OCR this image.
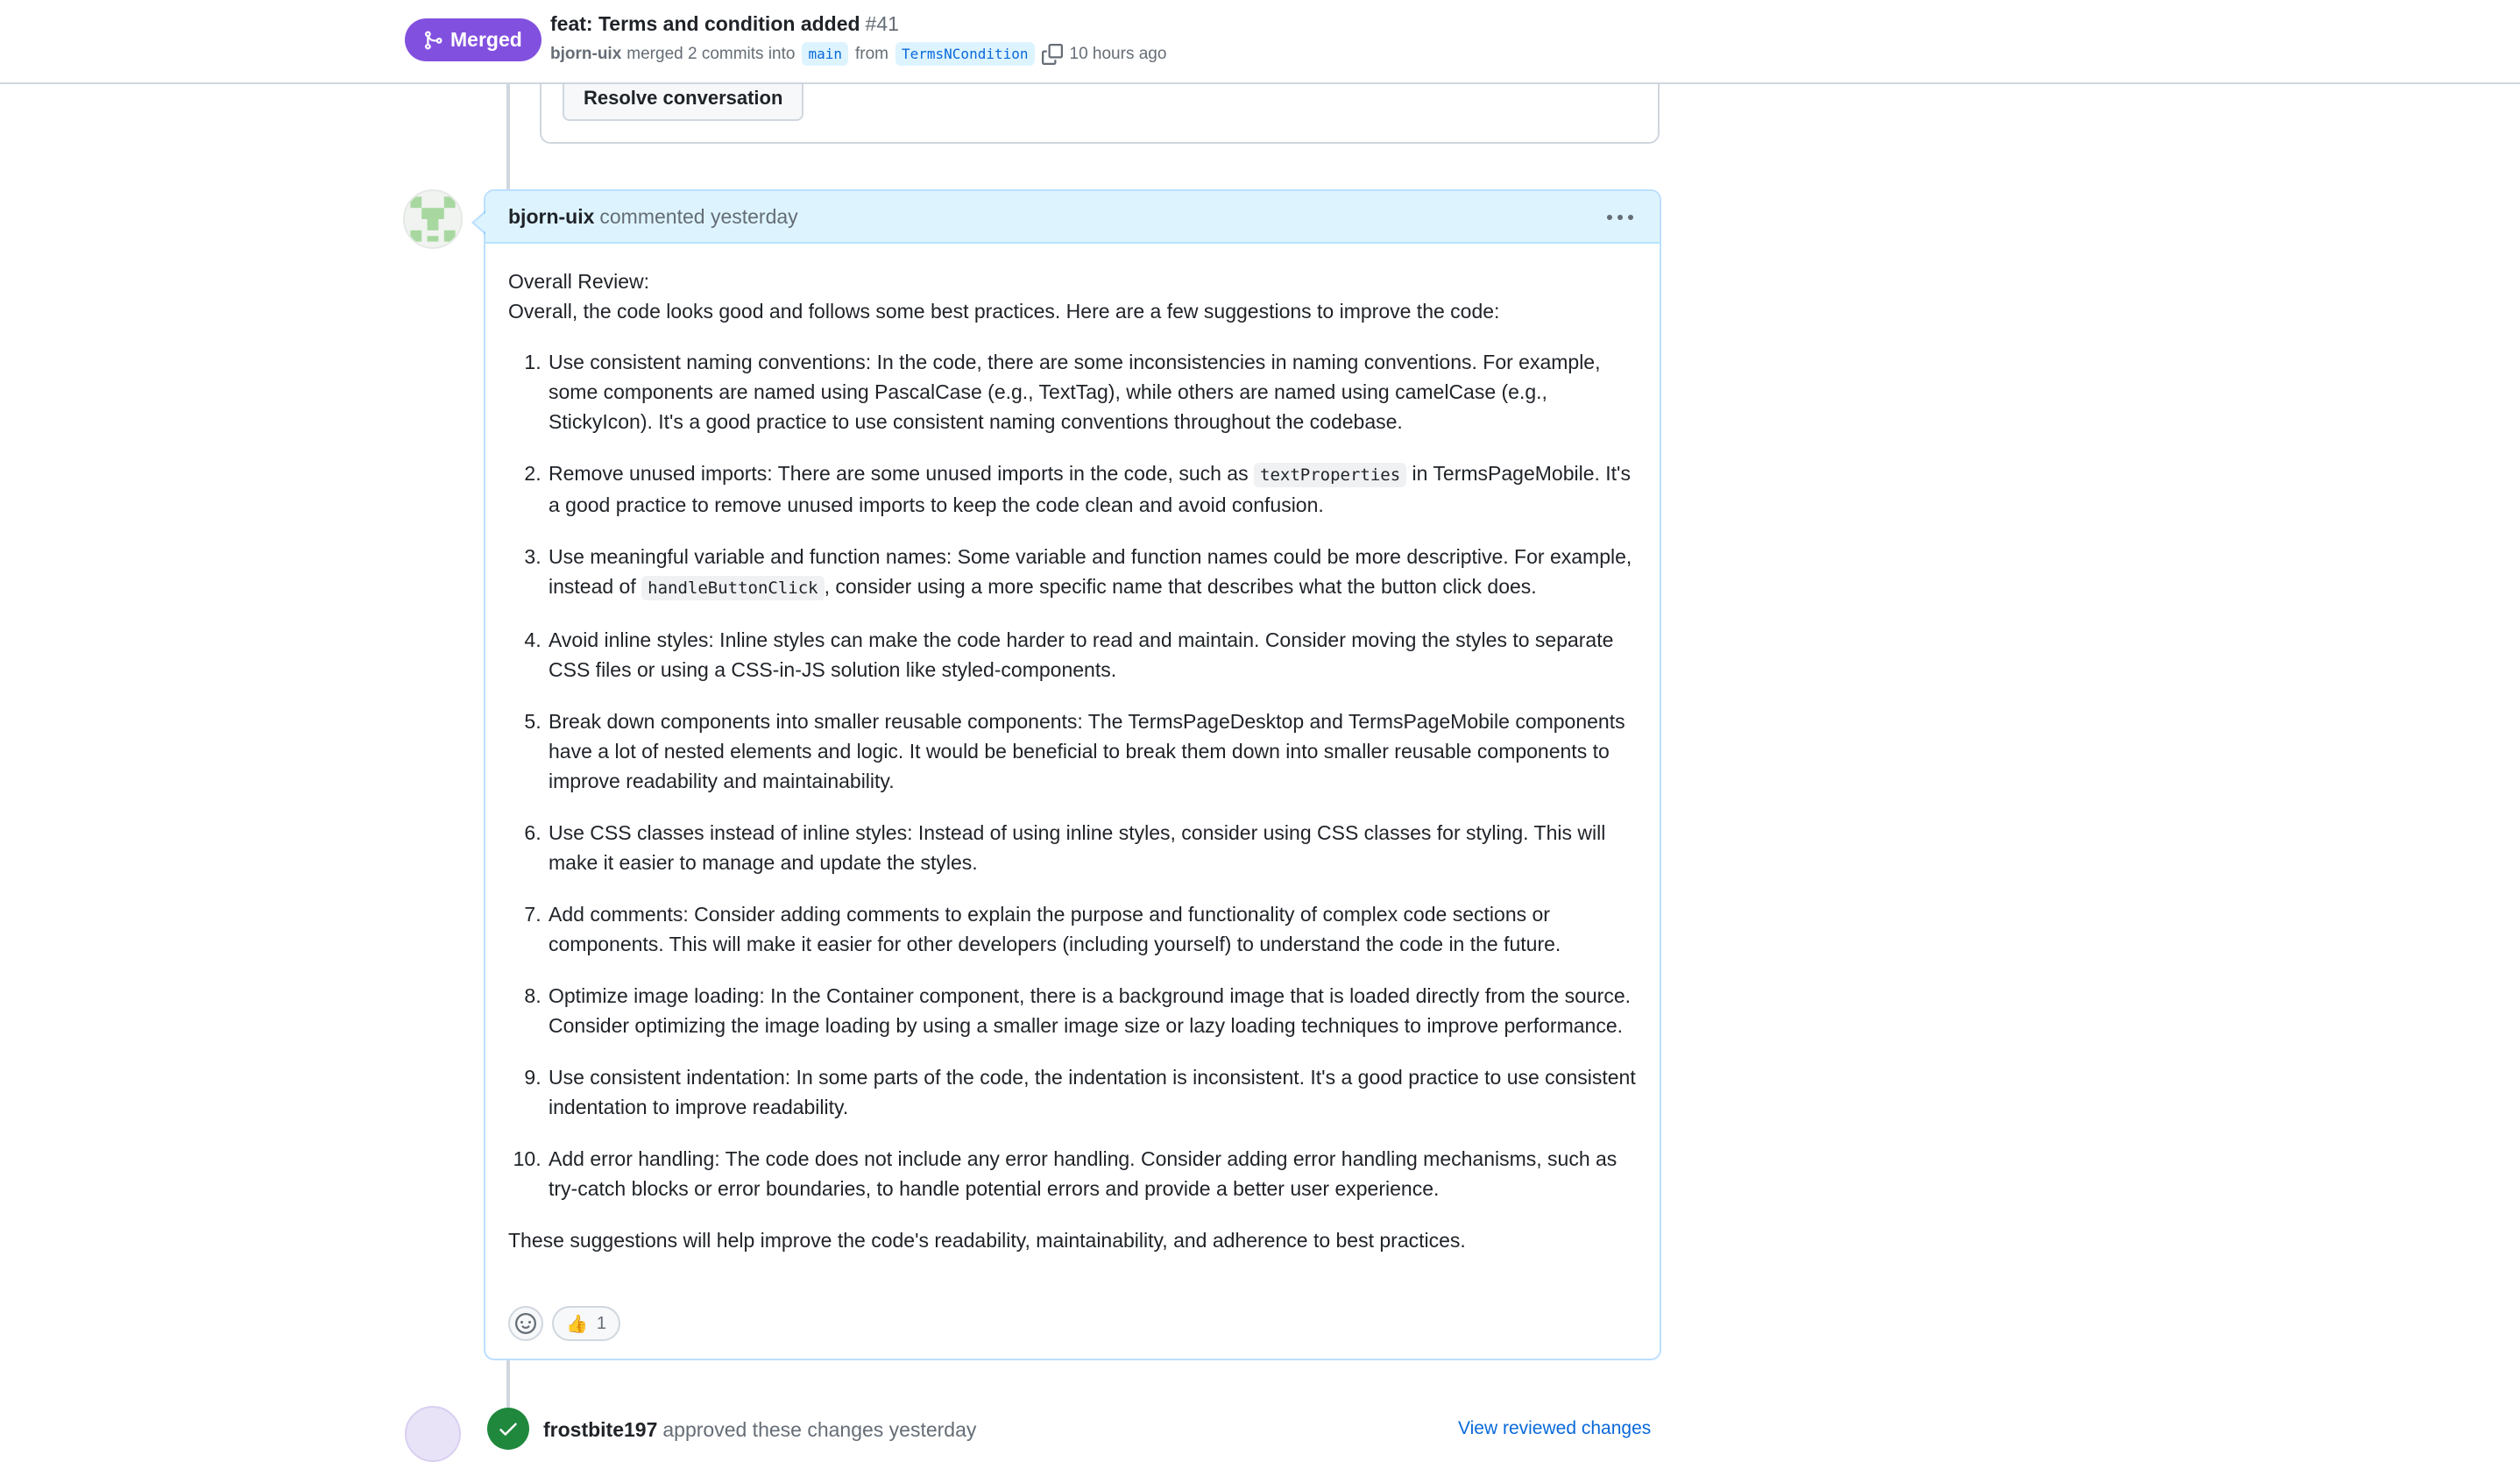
Merged
feat: Terms and condition added #41
bjorn-uix merged 2 commits into main from TermsNCondition	10 hours ago
Resolve conversation
bjorn-uix commented yesterday

Overall Review:

Overall, the code looks good and follows some best practices. Here are a few suggestions to improve the code:

1. Use consistent naming conventions: In the code, there are some inconsistencies in naming conventions. For example, some components are named using PascalCase (e.g., TextTag), while others are named using camelCase (e.g., StickyIcon). It's a good practice to use consistent naming conventions throughout the codebase.
2. Remove unused imports: There are some unused imports in the code, such as textProperties in TermsPageMobile. It's a good practice to remove unused imports to keep the code clean and avoid confusion.
3. Use meaningful variable and function names: Some variable and function names could be more descriptive. For example, instead of handleButtonClick , consider using a more specific name that describes what the button click does.
4. Avoid inline styles: Inline styles can make the code harder to read and maintain. Consider moving the styles to separate CSS files or using a CSS-in-JS solution like styled-components.
5. Break down components into smaller reusable components: The TermsPageDesktop and TermsPageMobile components have a lot of nested elements and logic. It would be beneficial to break them down into smaller reusable components to improve readability and maintainability.
6. Use CSS classes instead of inline styles: Instead of using inline styles, consider using CSS classes for styling. This will make it easier to manage and update the styles.
7. Add comments: Consider adding comments to explain the purpose and functionality of complex code sections or components. This will make it easier for other developers (including yourself) to understand the code in the future.
8. Optimize image loading: In the Container component, there is a background image that is loaded directly from the source. Consider optimizing the image loading by using a smaller image size or lazy loading techniques to improve performance.
9. Use consistent indentation: In some parts of the code, the indentation is inconsistent. It's a good practice to use consistent indentation to improve readability.
10. Add error handling: The code does not include any error handling. Consider adding error handling mechanisms, such as try-catch blocks or error boundaries, to handle potential errors and provide a better user experience.

These suggestions will help improve the code's readability, maintainability, and adherence to best practices.

👍 1
frostbite197 approved these changes yesterday	View reviewed changes
